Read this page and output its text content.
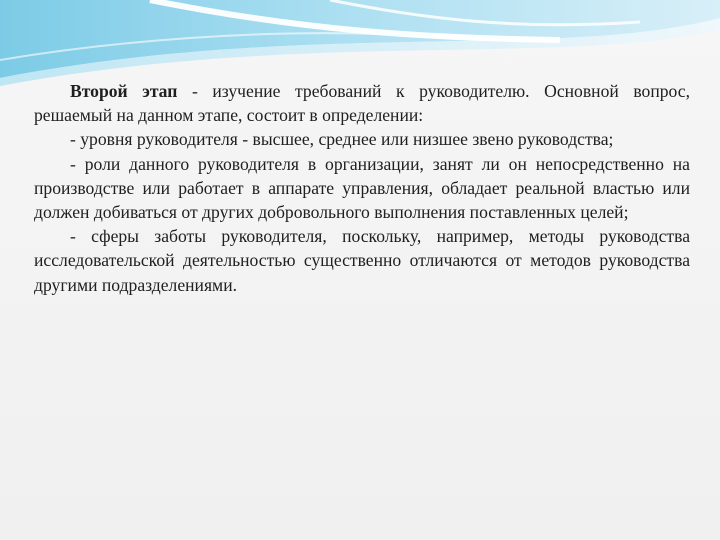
Второй этап - изучение требований к руководителю. Основной вопрос, решаемый на данном этапе, состоит в определении:

- уровня руководителя - высшее, среднее или низшее звено руководства;

- роли данного руководителя в организации, занят ли он непосредственно на производстве или работает в аппарате управления, обладает реальной властью или должен добиваться от других добровольного выполнения поставленных целей;

- сферы заботы руководителя, поскольку, например, методы руководства исследовательской деятельностью существенно отличаются от методов руководства другими подразделениями.
